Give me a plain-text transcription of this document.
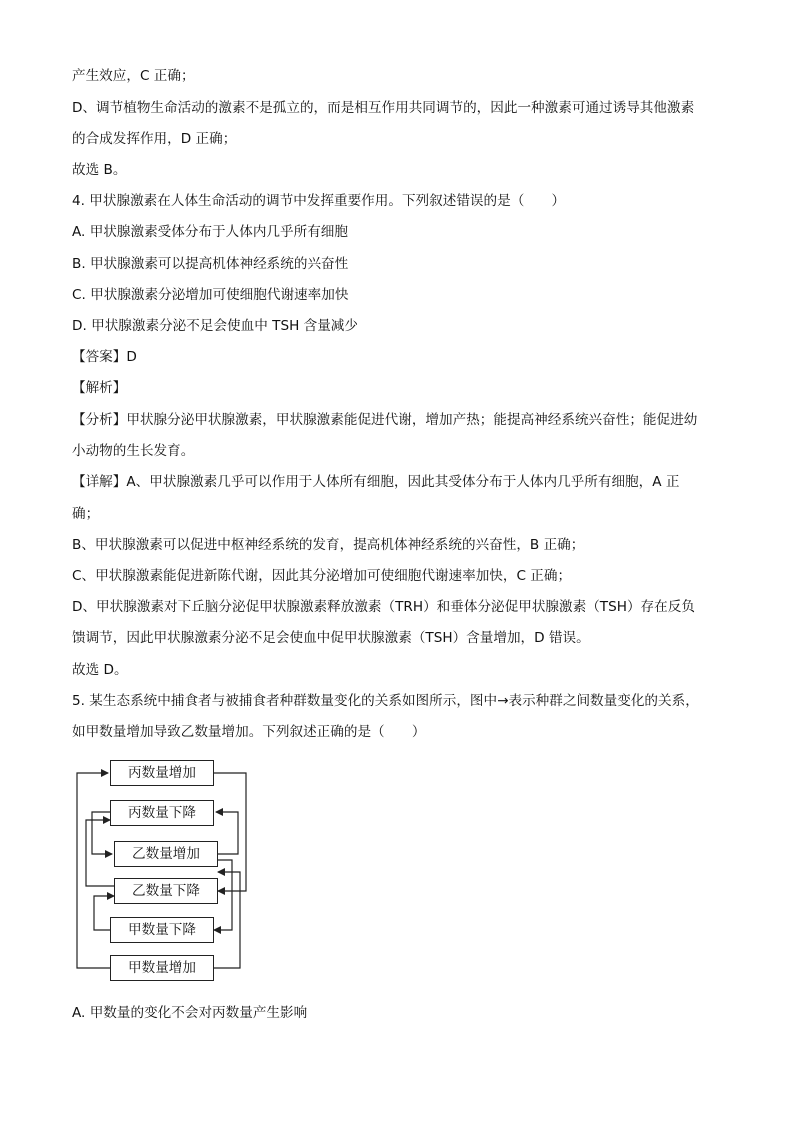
产生效应，C 正确；
D、调节植物生命活动的激素不是孤立的，而是相互作用共同调节的，因此一种激素可通过诱导其他激素
的合成发挥作用，D 正确；
故选 B。
4. 甲状腺激素在人体生命活动的调节中发挥重要作用。下列叙述错误的是（　　）
A. 甲状腺激素受体分布于人体内几乎所有细胞
B. 甲状腺激素可以提高机体神经系统的兴奋性
C. 甲状腺激素分泌增加可使细胞代谢速率加快
D. 甲状腺激素分泌不足会使血中 TSH 含量减少
【答案】D
【解析】
【分析】甲状腺分泌甲状腺激素，甲状腺激素能促进代谢，增加产热；能提高神经系统兴奋性；能促进幼
小动物的生长发育。
【详解】A、甲状腺激素几乎可以作用于人体所有细胞，因此其受体分布于人体内几乎所有细胞，A 正
确；
B、甲状腺激素可以促进中枢神经系统的发育，提高机体神经系统的兴奋性，B 正确；
C、甲状腺激素能促进新陈代谢，因此其分泌增加可使细胞代谢速率加快，C 正确；
D、甲状腺激素对下丘脑分泌促甲状腺激素释放激素（TRH）和垂体分泌促甲状腺激素（TSH）存在反负
馈调节，因此甲状腺激素分泌不足会使血中促甲状腺激素（TSH）含量增加，D 错误。
故选 D。
5. 某生态系统中捕食者与被捕食者种群数量变化的关系如图所示，图中→表示种群之间数量变化的关系，
如甲数量增加导致乙数量增加。下列叙述正确的是（　　）
丙数量增加
丙数量下降
乙数量增加
乙数量下降
甲数量下降
甲数量增加
A. 甲数量的变化不会对丙数量产生影响
